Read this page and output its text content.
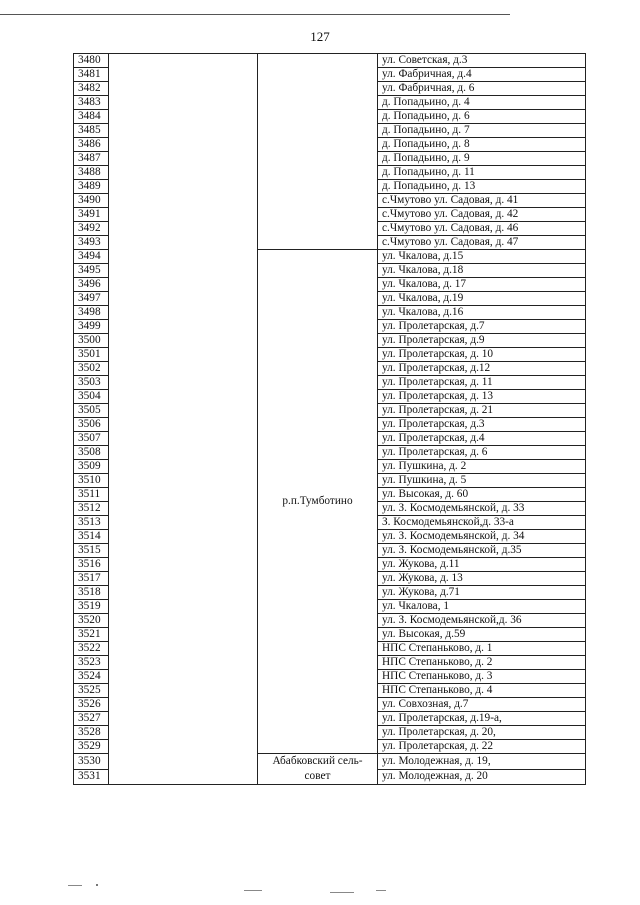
127
3480			ул. Советская, д.3
3481			ул. Фабричная, д.4
3482			ул. Фабричная, д. 6
3483			д. Попадьино, д. 4
3484			д. Попадьино, д. 6
3485			д. Попадьино, д. 7
3486			д. Попадьино, д. 8
3487			д. Попадьино, д. 9
3488			д. Попадьино, д. 11
3489			д. Попадьино, д. 13
3490			с.Чмутово ул. Садовая, д. 41
3491			с.Чмутово ул. Садовая, д. 42
3492			с.Чмутово ул. Садовая, д. 46
3493			с.Чмутово ул. Садовая, д. 47
3494		р.п.Тумботино	ул. Чкалова, д.15
3495			ул. Чкалова, д.18
3496			ул. Чкалова, д. 17
3497			ул. Чкалова, д.19
3498			ул. Чкалова, д.16
3499			ул. Пролетарская, д.7
3500			ул. Пролетарская, д.9
3501			ул. Пролетарская, д. 10
3502			ул. Пролетарская, д.12
3503			ул. Пролетарская, д. 11
3504			ул. Пролетарская, д. 13
3505			ул. Пролетарская, д. 21
3506			ул. Пролетарская, д.3
3507			ул. Пролетарская, д.4
3508			ул. Пролетарская, д. 6
3509			ул. Пушкина, д. 2
3510			ул. Пушкина, д. 5
3511			ул. Высокая, д. 60
3512			ул. З. Космодемьянской, д. 33
3513			З. Космодемьянской,д. 33-а
3514			ул. З. Космодемьянской, д. 34
3515			ул. З. Космодемьянской, д.35
3516			ул. Жукова, д.11
3517			ул. Жукова, д. 13
3518			ул. Жукова, д.71
3519			ул. Чкалова, 1
3520			ул. З. Космодемьянской,д. 36
3521			ул. Высокая, д.59
3522			НПС Степаньково, д. 1
3523			НПС Степаньково, д. 2
3524			НПС Степаньково, д. 3
3525			НПС Степаньково, д. 4
3526			ул. Совхозная, д.7
3527			ул. Пролетарская, д.19-а,
3528			ул. Пролетарская, д. 20,
3529			ул. Пролетарская, д. 22
3530		Абабковский сель-совет	ул. Молодежная, д. 19,
3531			ул. Молодежная, д. 20
